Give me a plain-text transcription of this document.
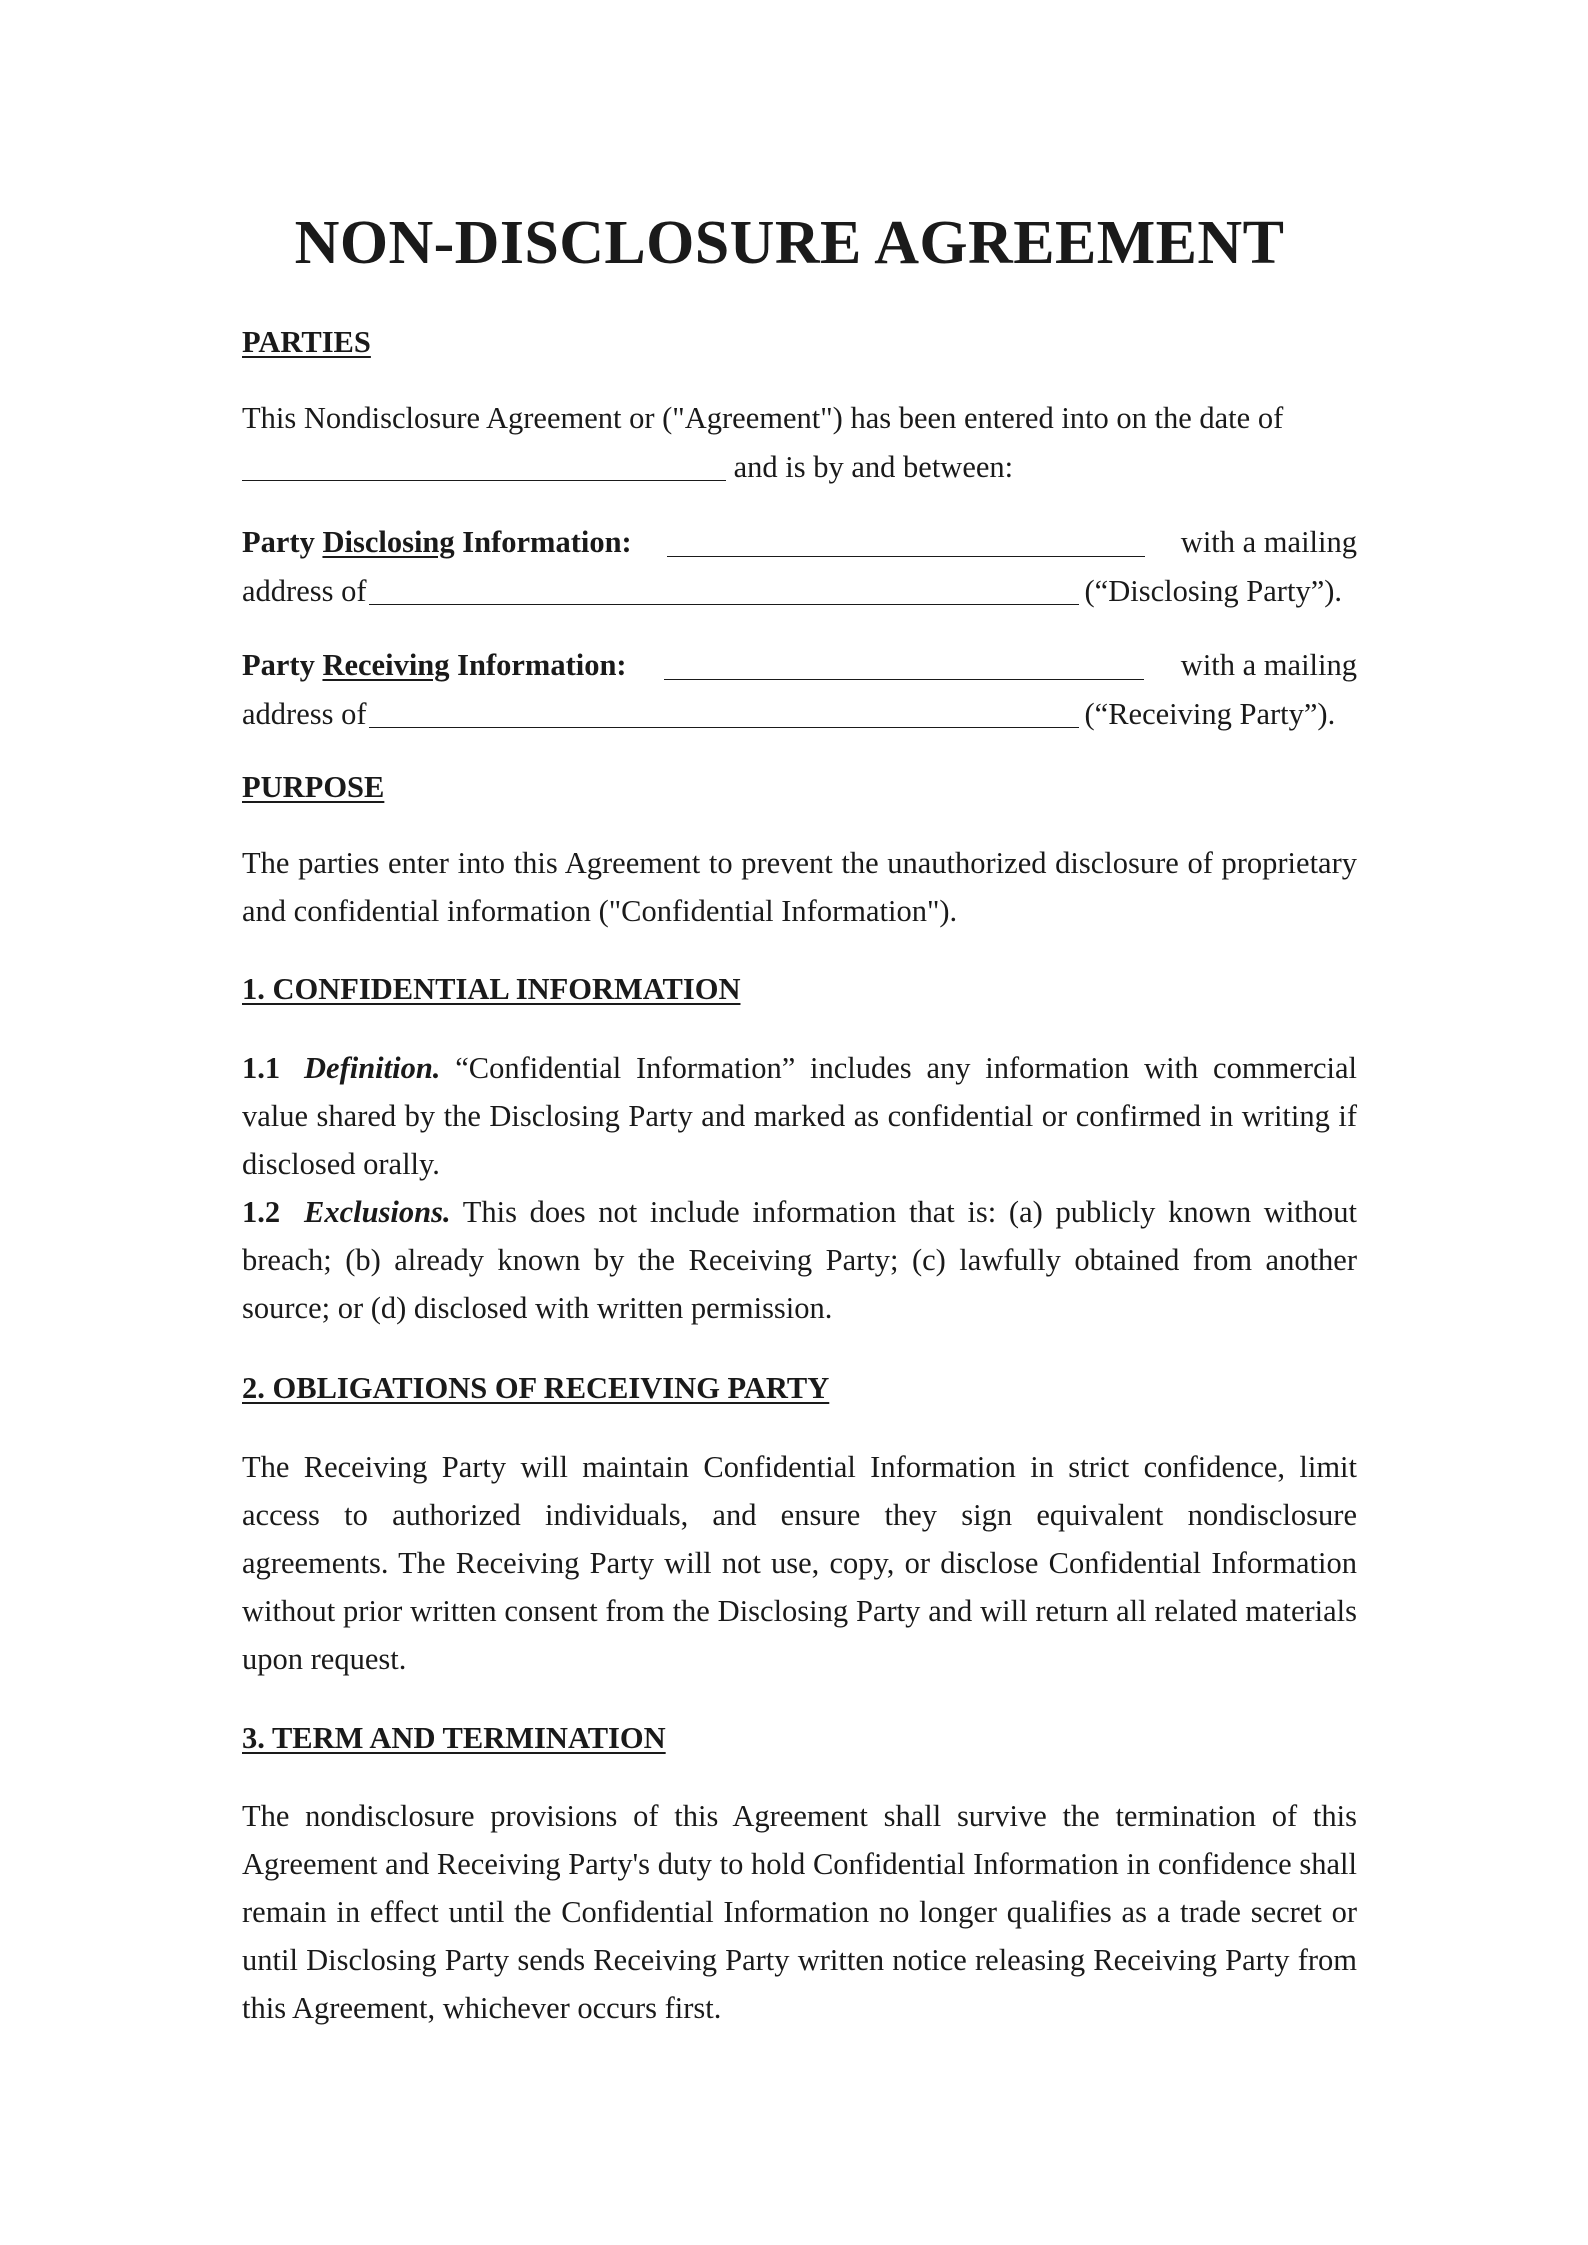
NON-DISCLOSURE AGREEMENT

PARTIES

This Nondisclosure Agreement or ("Agreement") has been entered into on the date of

and is by and between:

Party Disclosing Information:	with a mailing

address of	(“Disclosing Party”).

Party Receiving Information:	with a mailing

address of	(“Receiving Party”).

PURPOSE

The parties enter into this Agreement to prevent the unauthorized disclosure of proprietary and confidential information ("Confidential Information").

1. CONFIDENTIAL INFORMATION

1.1 Definition. “Confidential Information” includes any information with commercial value shared by the Disclosing Party and marked as confidential or confirmed in writing if disclosed orally.

1.2 Exclusions. This does not include information that is: (a) publicly known without breach; (b) already known by the Receiving Party; (c) lawfully obtained from another source; or (d) disclosed with written permission.

2. OBLIGATIONS OF RECEIVING PARTY

The Receiving Party will maintain Confidential Information in strict confidence, limit access to authorized individuals, and ensure they sign equivalent nondisclosure agreements. The Receiving Party will not use, copy, or disclose Confidential Information without prior written consent from the Disclosing Party and will return all related materials upon request.

3. TERM AND TERMINATION

The nondisclosure provisions of this Agreement shall survive the termination of this Agreement and Receiving Party's duty to hold Confidential Information in confidence shall remain in effect until the Confidential Information no longer qualifies as a trade secret or until Disclosing Party sends Receiving Party written notice releasing Receiving Party from this Agreement, whichever occurs first.
